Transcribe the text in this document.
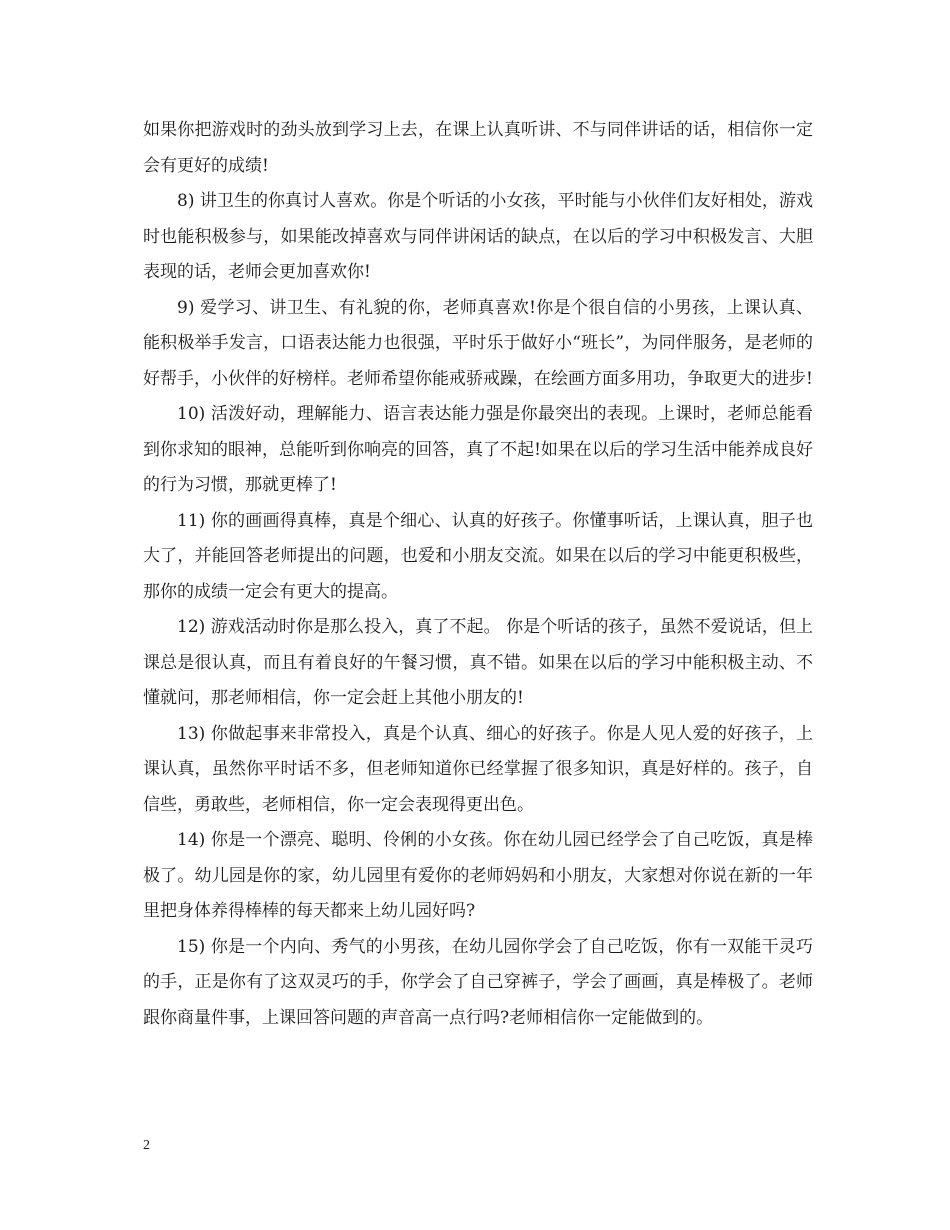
如果你把游戏时的劲头放到学习上去，在课上认真听讲、不与同伴讲话的话，相信你一定会有更好的成绩!

8) 讲卫生的你真讨人喜欢。你是个听话的小女孩，平时能与小伙伴们友好相处，游戏时也能积极参与，如果能改掉喜欢与同伴讲闲话的缺点，在以后的学习中积极发言、大胆表现的话，老师会更加喜欢你!

9) 爱学习、讲卫生、有礼貌的你，老师真喜欢!你是个很自信的小男孩，上课认真、能积极举手发言，口语表达能力也很强，平时乐于做好小“班长”，为同伴服务，是老师的好帮手，小伙伴的好榜样。老师希望你能戒骄戒躁，在绘画方面多用功，争取更大的进步!

10) 活泼好动，理解能力、语言表达能力强是你最突出的表现。上课时，老师总能看到你求知的眼神，总能听到你响亮的回答，真了不起!如果在以后的学习生活中能养成良好的行为习惯，那就更棒了!

11) 你的画画得真棒，真是个细心、认真的好孩子。你懂事听话，上课认真，胆子也大了，并能回答老师提出的问题，也爱和小朋友交流。如果在以后的学习中能更积极些，那你的成绩一定会有更大的提高。

12) 游戏活动时你是那么投入，真了不起。 你是个听话的孩子，虽然不爱说话，但上课总是很认真，而且有着良好的午餐习惯，真不错。如果在以后的学习中能积极主动、不懂就问，那老师相信，你一定会赶上其他小朋友的!

13) 你做起事来非常投入，真是个认真、细心的好孩子。你是人见人爱的好孩子，上课认真，虽然你平时话不多，但老师知道你已经掌握了很多知识，真是好样的。孩子，自信些，勇敢些，老师相信，你一定会表现得更出色。

14) 你是一个漂亮、聪明、伶俐的小女孩。你在幼儿园已经学会了自己吃饭，真是棒极了。幼儿园是你的家，幼儿园里有爱你的老师妈妈和小朋友，大家想对你说在新的一年里把身体养得棒棒的每天都来上幼儿园好吗?

15) 你是一个内向、秀气的小男孩，在幼儿园你学会了自己吃饭，你有一双能干灵巧的手，正是你有了这双灵巧的手，你学会了自己穿裤子，学会了画画，真是棒极了。老师跟你商量件事，上课回答问题的声音高一点行吗?老师相信你一定能做到的。

2
